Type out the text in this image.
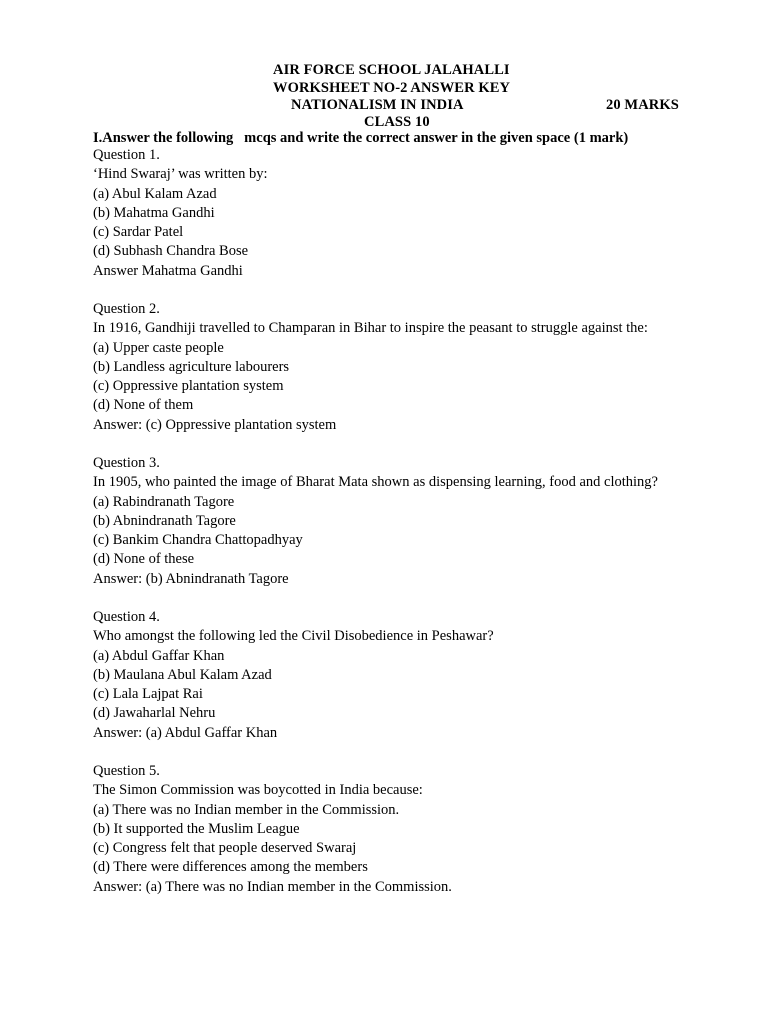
AIR FORCE SCHOOL JALAHALLI
WORKSHEET NO-2 ANSWER KEY
NATIONALISM IN INDIA	20 MARKS
CLASS 10
I.Answer the following   mcqs and write the correct answer in the given space (1 mark)
Question 1.
‘Hind Swaraj’ was written by:
(a) Abul Kalam Azad
(b) Mahatma Gandhi
(c) Sardar Patel
(d) Subhash Chandra Bose
Answer Mahatma Gandhi
Question 2.
In 1916, Gandhiji travelled to Champaran in Bihar to inspire the peasant to struggle against the:
(a) Upper caste people
(b) Landless agriculture labourers
(c) Oppressive plantation system
(d) None of them
Answer: (c) Oppressive plantation system
Question 3.
In 1905, who painted the image of Bharat Mata shown as dispensing learning, food and clothing?
(a) Rabindranath Tagore
(b) Abnindranath Tagore
(c) Bankim Chandra Chattopadhyay
(d) None of these
Answer: (b) Abnindranath Tagore
Question 4.
Who amongst the following led the Civil Disobedience in Peshawar?
(a) Abdul Gaffar Khan
(b) Maulana Abul Kalam Azad
(c) Lala Lajpat Rai
(d) Jawaharlal Nehru
Answer: (a) Abdul Gaffar Khan
Question 5.
The Simon Commission was boycotted in India because:
(a) There was no Indian member in the Commission.
(b) It supported the Muslim League
(c) Congress felt that people deserved Swaraj
(d) There were differences among the members
Answer: (a) There was no Indian member in the Commission.
